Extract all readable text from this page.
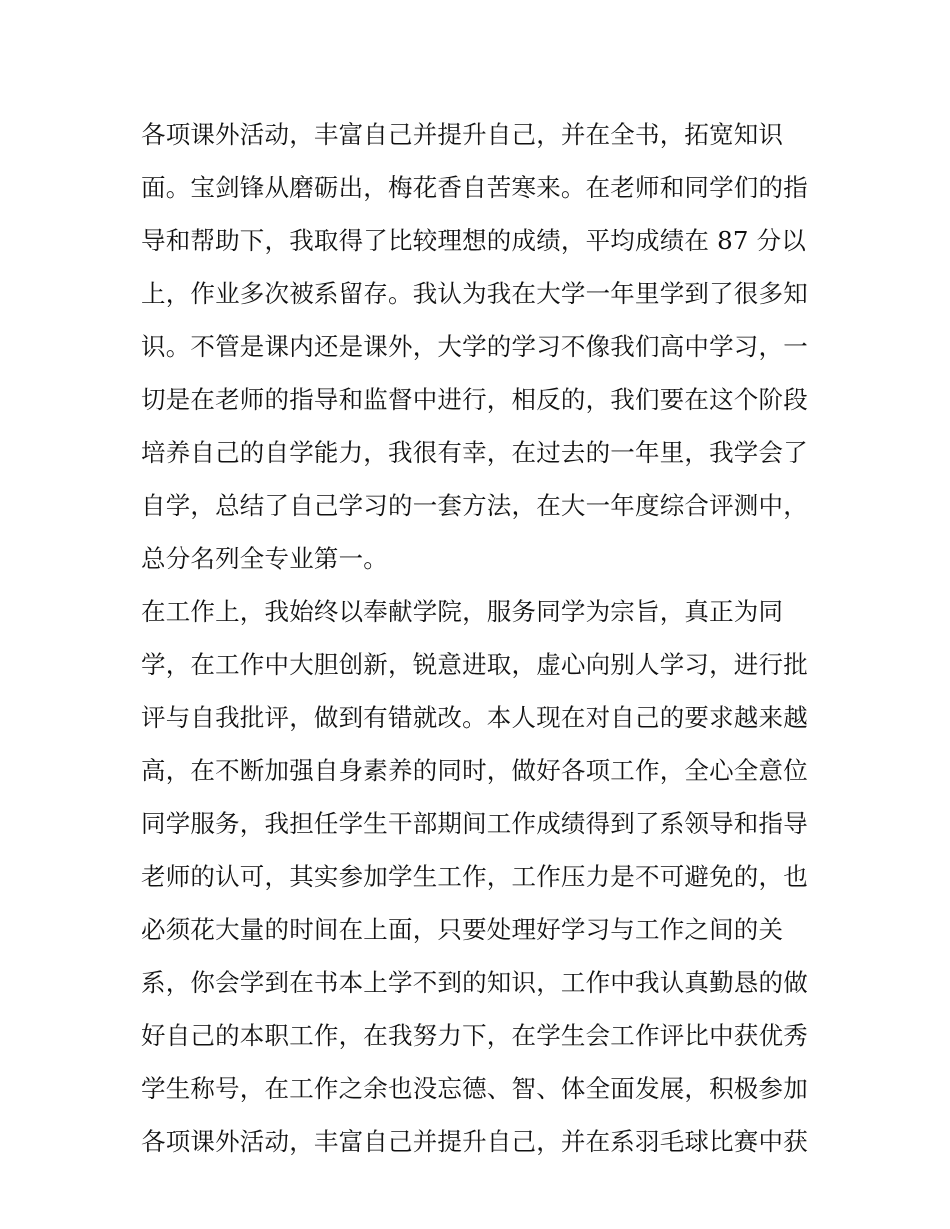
各项课外活动，丰富自己并提升自己，并在全书，拓宽知识
面。宝剑锋从磨砺出，梅花香自苦寒来。在老师和同学们的指
导和帮助下，我取得了比较理想的成绩，平均成绩在 87 分以
上，作业多次被系留存。我认为我在大学一年里学到了很多知
识。不管是课内还是课外，大学的学习不像我们高中学习，一
切是在老师的指导和监督中进行，相反的，我们要在这个阶段
培养自己的自学能力，我很有幸，在过去的一年里，我学会了
自学，总结了自己学习的一套方法，在大一年度综合评测中，
总分名列全专业第一。
在工作上，我始终以奉献学院，服务同学为宗旨，真正为同
学，在工作中大胆创新，锐意进取，虚心向别人学习，进行批
评与自我批评，做到有错就改。本人现在对自己的要求越来越
高，在不断加强自身素养的同时，做好各项工作，全心全意位
同学服务，我担任学生干部期间工作成绩得到了系领导和指导
老师的认可，其实参加学生工作，工作压力是不可避免的，也
必须花大量的时间在上面，只要处理好学习与工作之间的关
系，你会学到在书本上学不到的知识，工作中我认真勤恳的做
好自己的本职工作，在我努力下，在学生会工作评比中获优秀
学生称号，在工作之余也没忘德、智、体全面发展，积极参加
各项课外活动，丰富自己并提升自己，并在系羽毛球比赛中获
